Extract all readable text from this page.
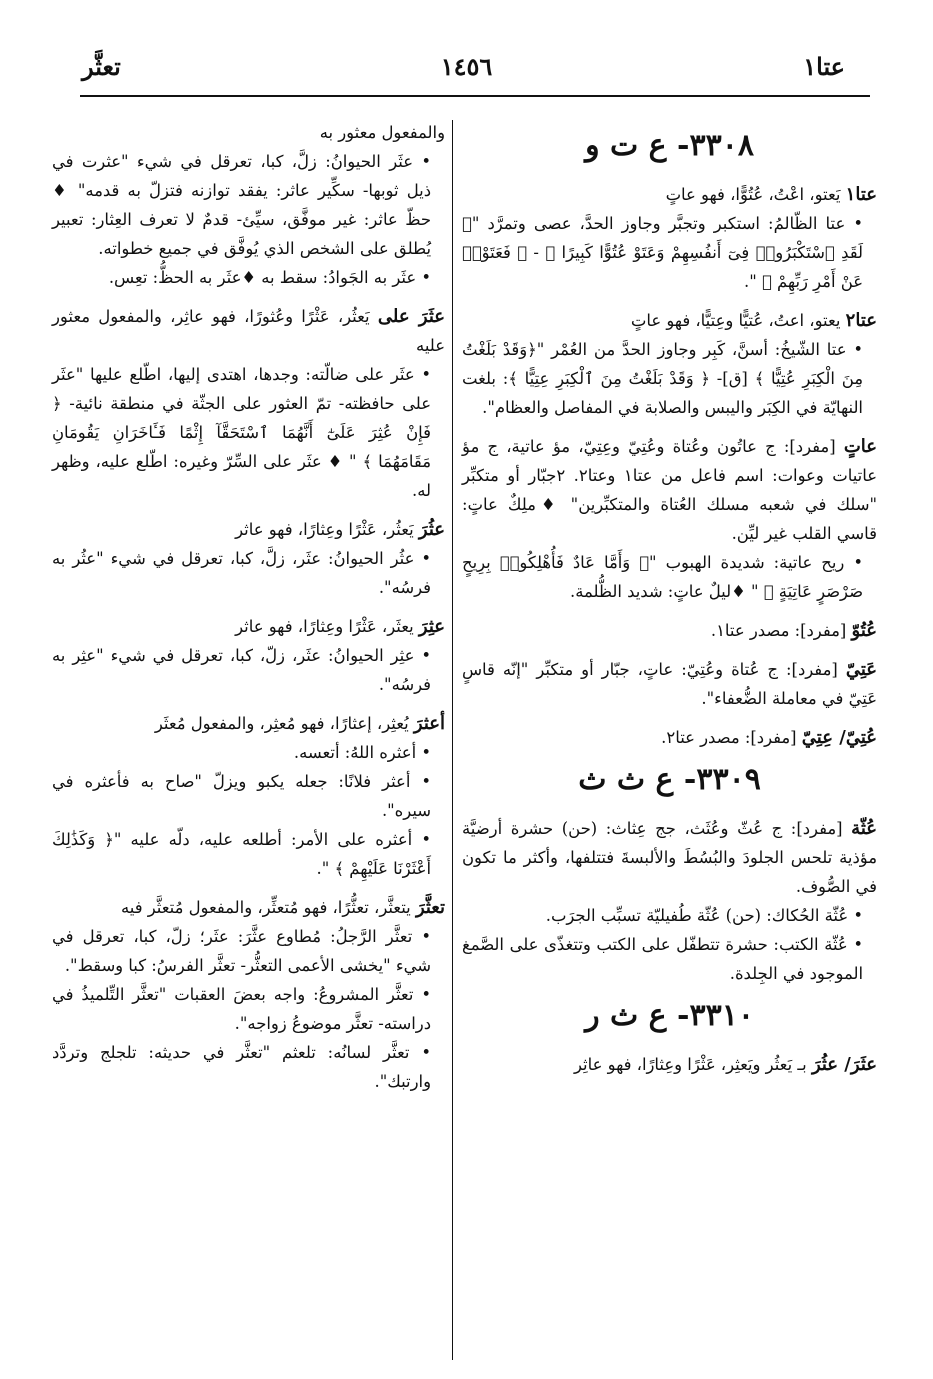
عتا١
١٤٥٦
تعثَّر
٣٣٠٨- ع ت و

عتا١ يَعتو، اعْتُ، عُتُوًّا، فهو عاتٍ

• عتا الظّالمُ: استكبر وتجبَّر وجاوز الحدَّ، عصى وتمرَّد "﴿ لَقَدِ ٱسْتَكْبَرُوا۟ فِىٓ أَنفُسِهِمْ وَعَتَوْ عُتُوًّا كَبِيرًا ﴾ - ﴿ فَعَتَوْا۟ عَنْ أَمْرِ رَبِّهِمْ ﴾ ".

عتا٢ يعتو، اعتُ، عُتيًّا وعِتيًّا، فهو عاتٍ

• عتا الشّيخُ: أسنَّ، كَبِر وجاوز الحدَّ من العُمْر "﴿وَقَدْ بَلَغْتُ مِنَ الْكِبَرِ عُتِيًّا ﴾ [ق]- ﴿ وَقَدْ بَلَغْتُ مِنَ ٱلْكِبَرِ عِتِيًّا ﴾: بلغت النهايّة في الكِبَر واليبس والصلابة في المفاصل والعظام".

عاتٍ [مفرد]: ج عاتُون وعُتاة وعُتِيّ وعِتِيّ، مؤ عاتية، ج مؤ عاتيات وعوات: اسم فاعل من عتا١ وعتا٢. ٢جبّار أو متكبِّر "سلك في شعبه مسلك العُتاة والمتكبِّرين" ♦ملِكٌ عاتٍ: قاسي القلب غير ليِّن.

• ريح عاتية: شديدة الهبوب "﴿ وَأَمَّا عَادٌ فَأُهْلِكُوا۟ بِرِيحٍ صَرْصَرٍ عَاتِيَةٍ ﴾ " ♦ليلٌ عاتٍ: شديد الظُّلمة.

عُتُوّ [مفرد]: مصدر عتا١.

عَتِيّ [مفرد]: ج عُتاة وعُتِيّ: عاتٍ، جبّار أو متكبِّر "إنّه قاسٍ عَتِيّ في معاملة الضُّعفاء".

عُتِيّ/ عِتِيّ [مفرد]: مصدر عتا٢.

٣٣٠٩- ع ث ث

عُثّة [مفرد]: ج عُثّ وعُثَث، جج عِثاث: (حن) حشرة أرضيَّة مؤذية تلحس الجلودَ والبُسُطَ والألبسةَ فتتلفها، وأكثر ما تكون في الصُّوف.

• عُثّة الحُكاك: (حن) عُثّة طُفيليّة تسبِّب الجرَب.

• عُثّة الكتب: حشرة تتطفّل على الكتب وتتغذّى على الصَّمغ الموجود في الجِلدة.

٣٣١٠- ع ث ر

عثَرَ/ عثُرَ بـ يَعثُر ويَعثِر، عَثْرًا وعِثارًا، فهو عاثِر

والمفعول معثور به

• عثَر الحيوانُ: زلَّ، كبا، تعرقل في شيء "عثرت في ذيل ثوبها- سكِّير عاثر: يفقد توازنه فتزلّ به قدمه" ♦ حظّ عاثر: غير موفَّق، سيِّئ- قدمٌ لا تعرف العِثار: تعبير يُطلق على الشخص الذي يُوفَّق في جميع خطواته.

• عثَر به الجَوادُ: سقط به ♦عثَر به الحظُّ: تعِس.

عثَرَ على يَعثُر، عَثْرًا وعُثورًا، فهو عاثِر، والمفعول معثور عليه

• عثَر على ضالّته: وجدها، اهتدى إليها، اطّلع عليها "عثَر على حافظته- تمّ العثور على الجثّة في منطقة نائية- ﴿ فَإِنْ عُثِرَ عَلَىٰٓ أَنَّهُمَا ٱسْتَحَقَّآ إِثْمًا فَـَٔاخَرَانِ يَقُومَانِ مَقَامَهُمَا ﴾ " ♦ عثَر على السِّرّ وغيره: اطّلع عليه، وظهر له.

عثُرَ يَعثُر، عَثْرًا وعِثارًا، فهو عاثر

• عثُر الحيوانُ: عثَر، زلَّ، كبا، تعرقل في شيء "عثُر به فرسُه".

عثِرَ يعثَر، عَثْرًا وعِثارًا، فهو عاثر

• عثِر الحيوانُ: عثَر، زلّ، كبا، تعرقل في شيء "عثِر به فرسُه".

أعثرَ يُعثِر، إعثارًا، فهو مُعثِر، والمفعول مُعثَر

• أعثره اللهُ: أتعسه.

• أعثر فلانًا: جعله يكبو ويزلّ "صاح به فأعثره في سيره".

• أعثره على الأمر: أطلعه عليه، دلّه عليه "﴿ وَكَذَٰلِكَ أَعْثَرْنَا عَلَيْهِمْ ﴾ ".

تعثَّرَ يتعثَّر، تعثُّرًا، فهو مُتعثِّر، والمفعول مُتعثَّر فيه

• تعثَّر الرَّجلُ: مُطاوع عثَّرَ: عثَر؛ زلّ، كبا، تعرقل في شيء "يخشى الأعمى التعثُّر- تعثَّر الفرسُ: كبا وسقط".

• تعثَّر المشروعُ: واجه بعضَ العقبات "تعثَّر التِّلميذُ في دراسته- تعثَّر موضوعُ زواجه".

• تعثَّر لسانُه: تلعثم "تعثَّر في حديثه: تلجلج وتردَّد وارتبك".
